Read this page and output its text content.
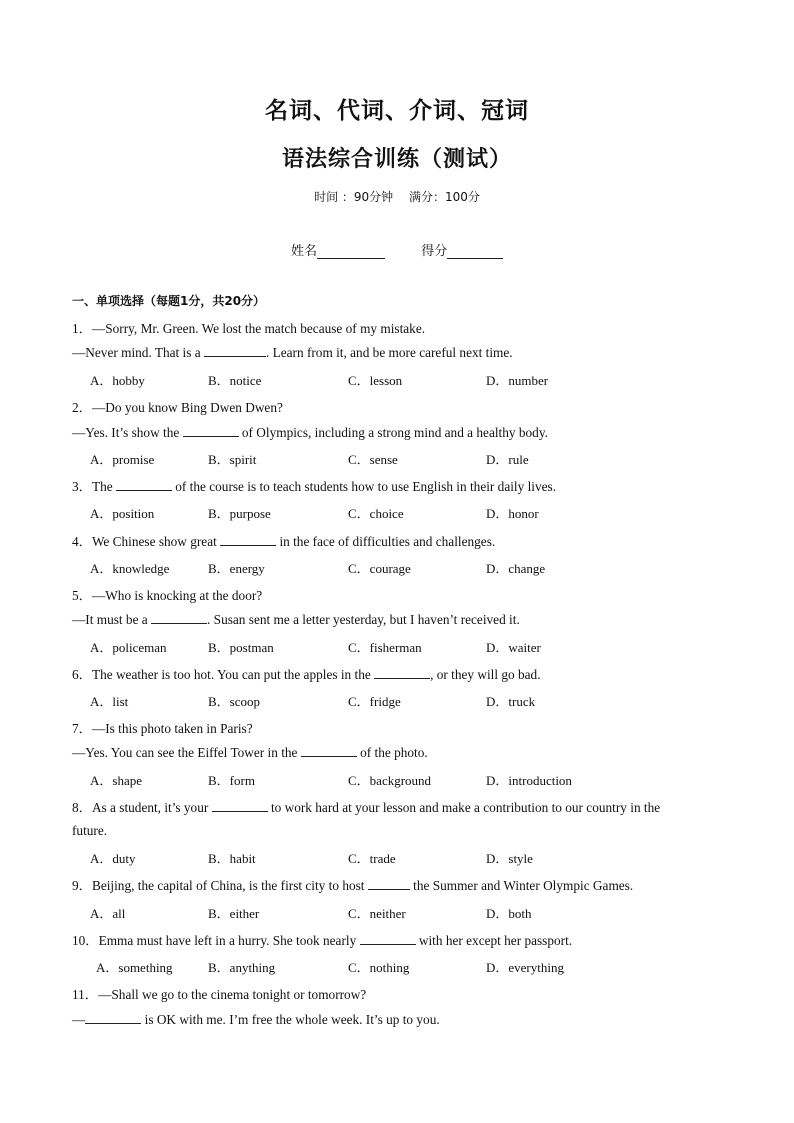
名词、代词、介词、冠词
语法综合训练（测试）
时间 ：90分钟 满分：100分
姓名	得分
一、单项选择（每题1分，共20分）
1．—Sorry, Mr. Green. We lost the match because of my mistake.
—Never mind. That is a	. Learn from it, and be more careful next time.
A．hobby	B．notice	C．lesson	D．number
2．—Do you know Bing Dwen Dwen?
—Yes. It’s show the	of Olympics, including a strong mind and a healthy body.
A．promise	B．spirit	C．sense	D．rule
3．The	of the course is to teach students how to use English in their daily lives.
A．position	B．purpose	C．choice	D．honor
4．We Chinese show great	in the face of difficulties and challenges.
A．knowledge	B．energy	C．courage	D．change
5．—Who is knocking at the door?
—It must be a	. Susan sent me a letter yesterday, but I haven’t received it.
A．policeman	B．postman	C．fisherman	D．waiter
6．The weather is too hot. You can put the apples in the	, or they will go bad.
A．list	B．scoop	C．fridge	D．truck
7．—Is this photo taken in Paris?
—Yes. You can see the Eiffel Tower in the	of the photo.
A．shape	B．form	C．background	D．introduction
8．As a student, it’s your	to work hard at your lesson and make a contribution to our country in the
future.
A．duty	B．habit	C．trade	D．style
9．Beijing, the capital of China, is the first city to host	the Summer and Winter Olympic Games.
A．all	B．either	C．neither	D．both
10．Emma must have left in a hurry. She took nearly	with her except her passport.
A．something	B．anything	C．nothing	D．everything
11．—Shall we go to the cinema tonight or tomorrow?
—	is OK with me. I’m free the whole week. It’s up to you.
